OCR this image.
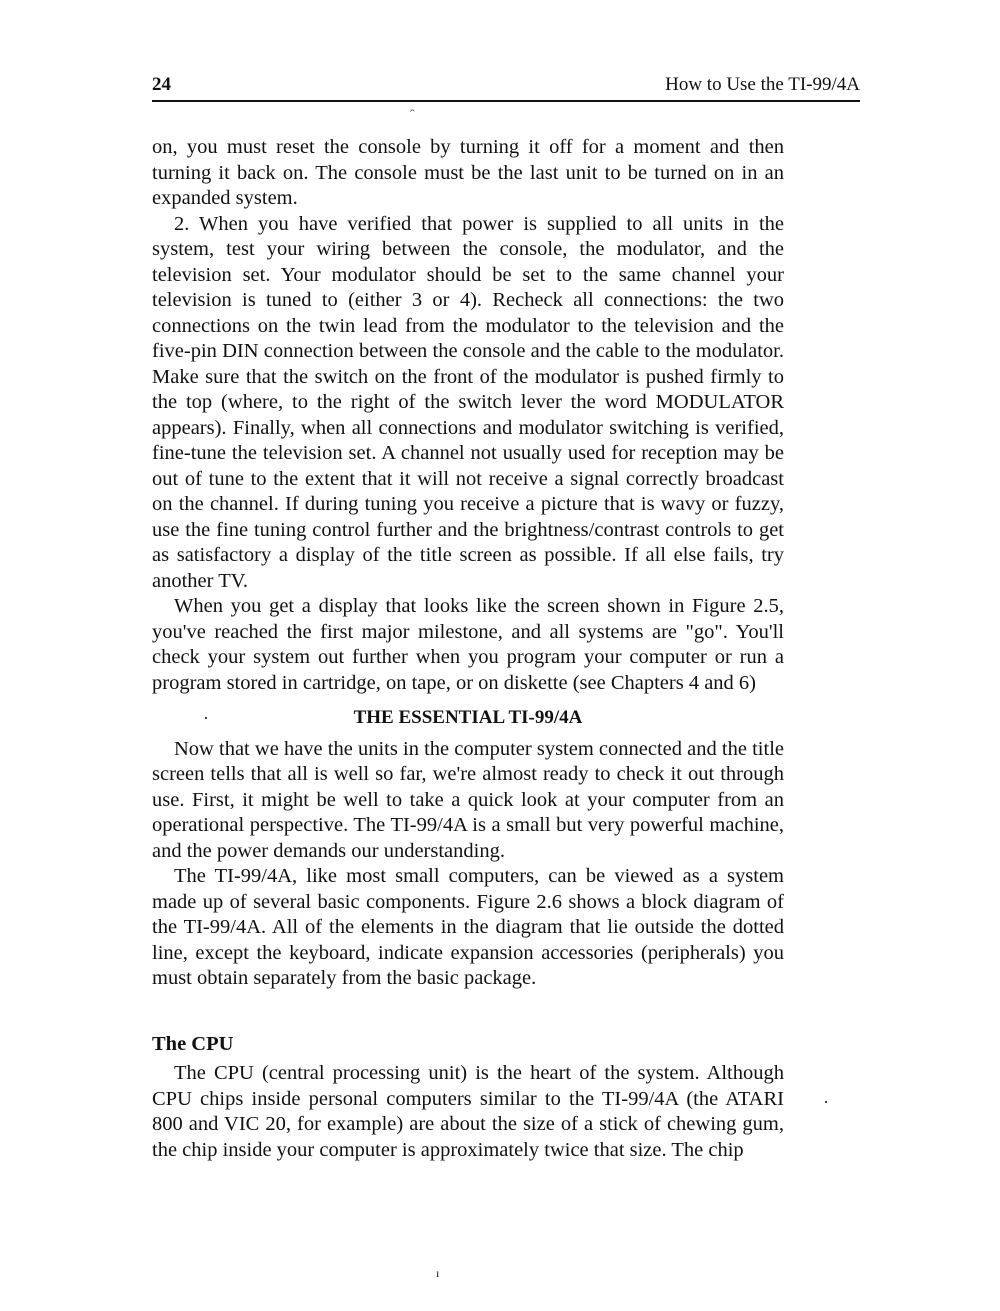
24	How to Use the TI-99/4A

on, you must reset the console by turning it off for a moment and then turning it back on. The console must be the last unit to be turned on in an expanded system.

2. When you have verified that power is supplied to all units in the system, test your wiring between the console, the modulator, and the television set. Your modulator should be set to the same channel your television is tuned to (either 3 or 4). Recheck all connections: the two connections on the twin lead from the modulator to the television and the five-pin DIN connection between the console and the cable to the modulator. Make sure that the switch on the front of the modulator is pushed firmly to the top (where, to the right of the switch lever the word MODULATOR appears). Finally, when all connections and modulator switching is verified, fine-tune the television set. A channel not usually used for reception may be out of tune to the extent that it will not receive a signal correctly broadcast on the channel. If during tuning you receive a picture that is wavy or fuzzy, use the fine tuning control further and the brightness/contrast controls to get as satisfactory a display of the title screen as possible. If all else fails, try another TV.

When you get a display that looks like the screen shown in Figure 2.5, you've reached the first major milestone, and all systems are "go". You'll check your system out further when you program your computer or run a program stored in cartridge, on tape, or on diskette (see Chapters 4 and 6)

THE ESSENTIAL TI-99/4A

Now that we have the units in the computer system connected and the title screen tells that all is well so far, we're almost ready to check it out through use. First, it might be well to take a quick look at your computer from an operational perspective. The TI-99/4A is a small but very powerful machine, and the power demands our understanding.

The TI-99/4A, like most small computers, can be viewed as a system made up of several basic components. Figure 2.6 shows a block diagram of the TI-99/4A. All of the elements in the diagram that lie outside the dotted line, except the keyboard, indicate expansion accessories (peripherals) you must obtain separately from the basic package.

The CPU

The CPU (central processing unit) is the heart of the system. Although CPU chips inside personal computers similar to the TI-99/4A (the ATARI 800 and VIC 20, for example) are about the size of a stick of chewing gum, the chip inside your computer is approximately twice that size. The chip

ˆ
·
·
ı
